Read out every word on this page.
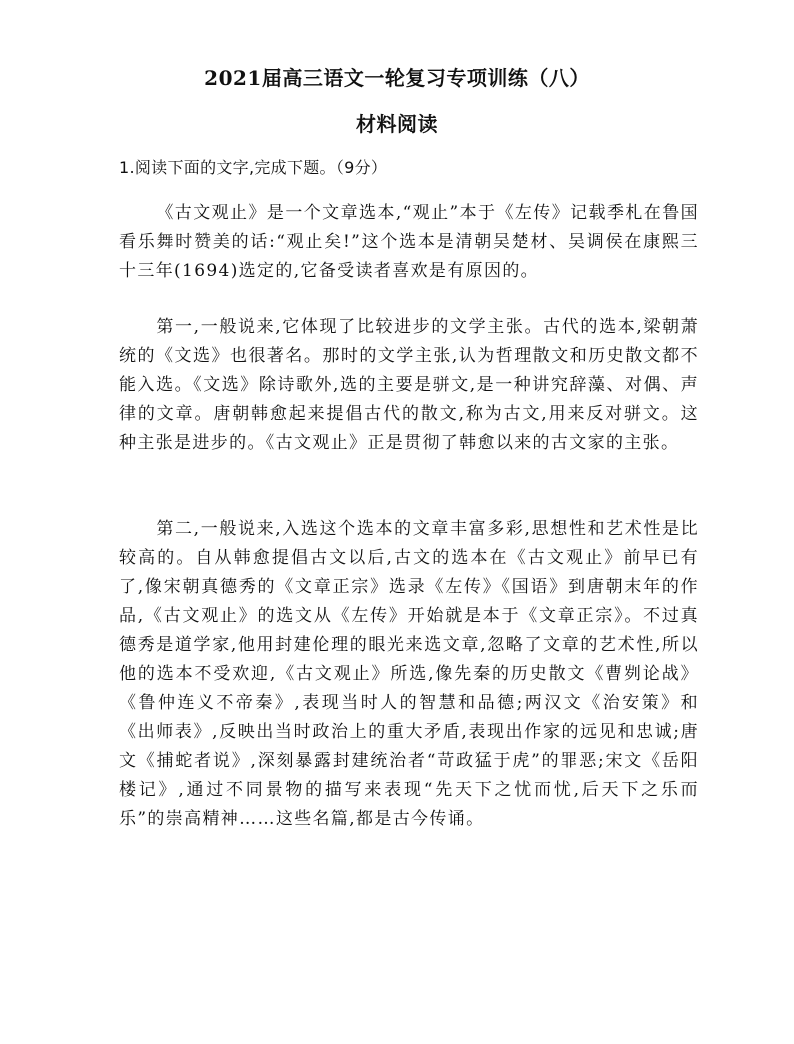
2021届高三语文一轮复习专项训练（八）
材料阅读

1.阅读下面的文字,完成下题。（9分）

《古文观止》是一个文章选本,“观止”本于《左传》记载季札在鲁国看乐舞时赞美的话:“观止矣!”这个选本是清朝吴楚材、吴调侯在康熙三十三年(1694)选定的,它备受读者喜欢是有原因的。

第一,一般说来,它体现了比较进步的文学主张。古代的选本,梁朝萧统的《文选》也很著名。那时的文学主张,认为哲理散文和历史散文都不能入选。《文选》除诗歌外,选的主要是骈文,是一种讲究辞藻、对偶、声律的文章。唐朝韩愈起来提倡古代的散文,称为古文,用来反对骈文。这种主张是进步的。《古文观止》正是贯彻了韩愈以来的古文家的主张。

第二,一般说来,入选这个选本的文章丰富多彩,思想性和艺术性是比较高的。自从韩愈提倡古文以后,古文的选本在《古文观止》前早已有了,像宋朝真德秀的《文章正宗》选录《左传》《国语》到唐朝末年的作品,《古文观止》的选文从《左传》开始就是本于《文章正宗》。不过真德秀是道学家,他用封建伦理的眼光来选文章,忽略了文章的艺术性,所以他的选本不受欢迎,《古文观止》所选,像先秦的历史散文《曹刿论战》《鲁仲连义不帝秦》,表现当时人的智慧和品德;两汉文《治安策》和《出师表》,反映出当时政治上的重大矛盾,表现出作家的远见和忠诚;唐文《捕蛇者说》,深刻暴露封建统治者“苛政猛于虎”的罪恶;宋文《岳阳楼记》,通过不同景物的描写来表现“先天下之忧而忧,后天下之乐而乐”的崇高精神……这些名篇,都是古今传诵。
